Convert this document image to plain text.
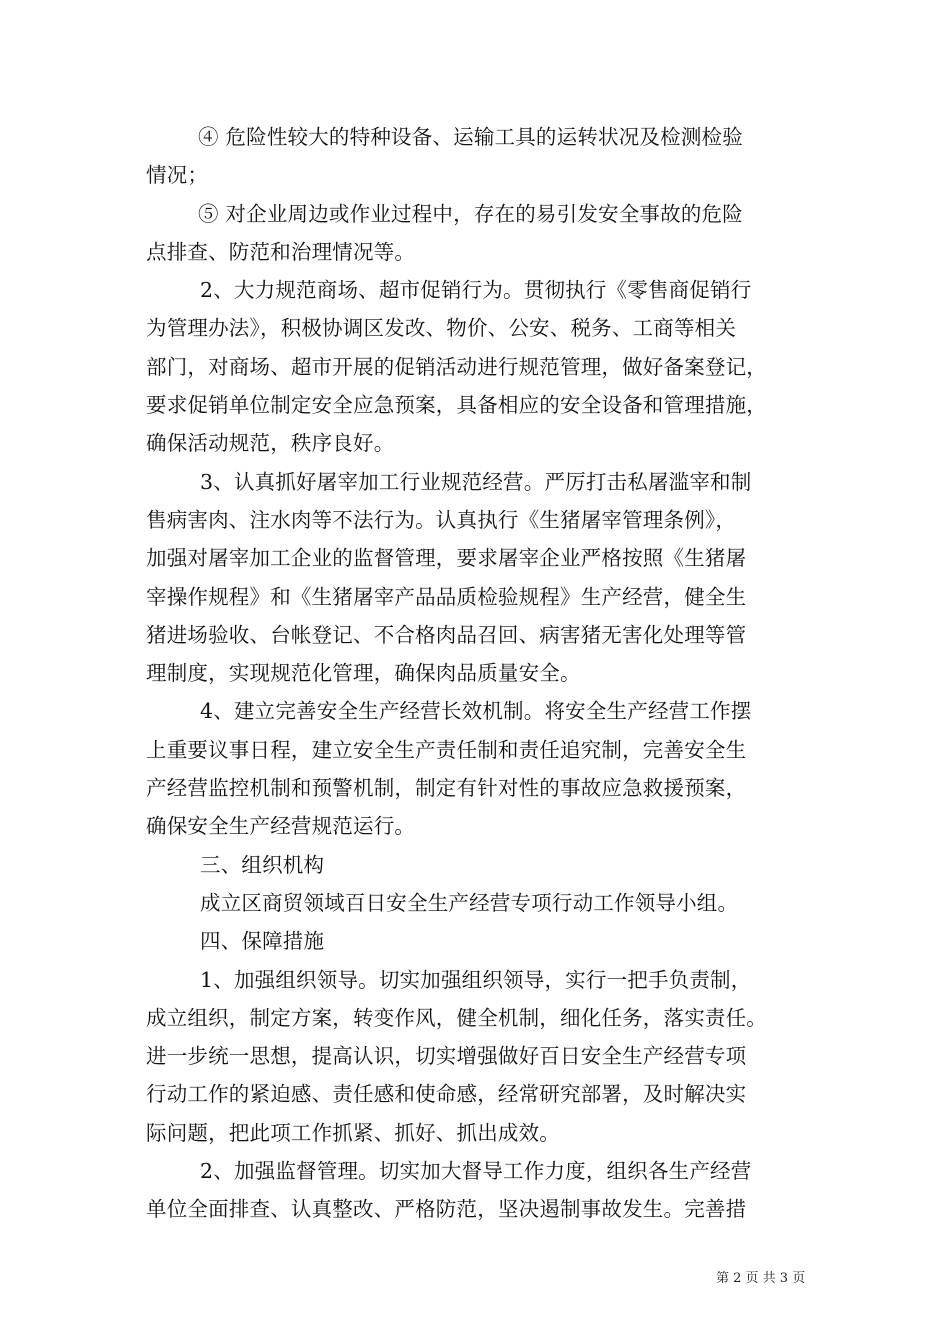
④ 危险性较大的特种设备、运输工具的运转状况及检测检验
情况；
⑤ 对企业周边或作业过程中，存在的易引发安全事故的危险
点排查、防范和治理情况等。
2、大力规范商场、超市促销行为。贯彻执行《零售商促销行
为管理办法》，积极协调区发改、物价、公安、税务、工商等相关
部门，对商场、超市开展的促销活动进行规范管理，做好备案登记，
要求促销单位制定安全应急预案，具备相应的安全设备和管理措施，
确保活动规范，秩序良好。
3、认真抓好屠宰加工行业规范经营。严厉打击私屠滥宰和制
售病害肉、注水肉等不法行为。认真执行《生猪屠宰管理条例》，
加强对屠宰加工企业的监督管理，要求屠宰企业严格按照《生猪屠
宰操作规程》和《生猪屠宰产品品质检验规程》生产经营，健全生
猪进场验收、台帐登记、不合格肉品召回、病害猪无害化处理等管
理制度，实现规范化管理，确保肉品质量安全。
4、建立完善安全生产经营长效机制。将安全生产经营工作摆
上重要议事日程，建立安全生产责任制和责任追究制，完善安全生
产经营监控机制和预警机制，制定有针对性的事故应急救援预案，
确保安全生产经营规范运行。
三、组织机构
成立区商贸领域百日安全生产经营专项行动工作领导小组。
四、保障措施
1、加强组织领导。切实加强组织领导，实行一把手负责制，
成立组织，制定方案，转变作风，健全机制，细化任务，落实责任。
进一步统一思想，提高认识，切实增强做好百日安全生产经营专项
行动工作的紧迫感、责任感和使命感，经常研究部署，及时解决实
际问题，把此项工作抓紧、抓好、抓出成效。
2、加强监督管理。切实加大督导工作力度，组织各生产经营
单位全面排查、认真整改、严格防范，坚决遏制事故发生。完善措
第 2 页 共 3 页
